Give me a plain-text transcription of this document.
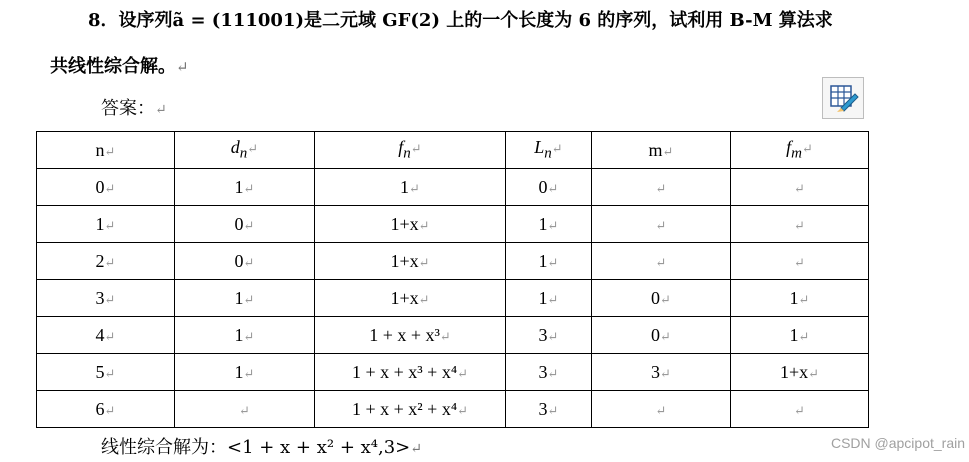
8．设序列ã = (111001)是二元域 GF(2) 上的一个长度为 6 的序列，试利用 B-M 算法求
共线性综合解。↵
答案：↵
n↵	$d_n↵$	$f_n↵$	$L_n↵$	m↵	$f_m↵$
0↵	1↵	1↵	0↵	↵	↵
1↵	0↵	1+x↵	1↵	↵	↵
2↵	0↵	1+x↵	1↵	↵	↵
3↵	1↵	1+x↵	1↵	0↵	1↵
4↵	1↵	1 + x + x³↵	3↵	0↵	1↵
5↵	1↵	1 + x + x³ + x⁴↵	3↵	3↵	1+x↵
6↵	↵	1 + x + x² + x⁴↵	3↵	↵	↵
线性综合解为：<1 + x + x² + x⁴,3>↵	CSDN @apcipot_rain
